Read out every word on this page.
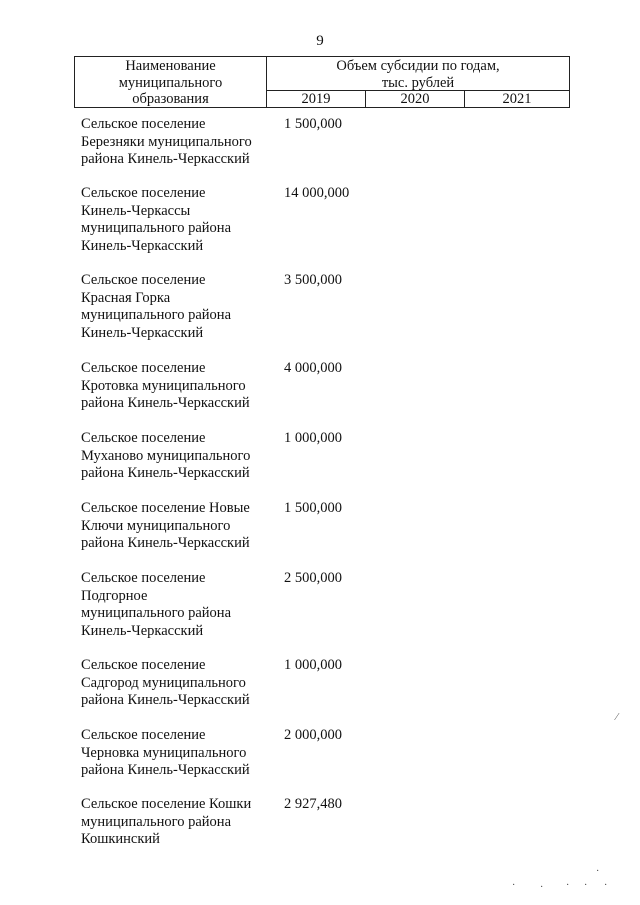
9
Наименование
муниципального
образования
Объем субсидии по годам,
тыс. рублей
2019	2020	2021
Сельское поселение
Березняки муниципального
района Кинель-Черкасский
1 500,000
Сельское поселение
Кинель-Черкассы
муниципального района
Кинель-Черкасский
14 000,000
Сельское поселение
Красная Горка
муниципального района
Кинель-Черкасский
3 500,000
Сельское поселение
Кротовка муниципального
района Кинель-Черкасский
4 000,000
Сельское поселение
Муханово муниципального
района Кинель-Черкасский
1 000,000
Сельское поселение Новые
Ключи муниципального
района Кинель-Черкасский
1 500,000
Сельское поселение
Подгорное
муниципального района
Кинель-Черкасский
2 500,000
Сельское поселение
Садгород муниципального
района Кинель-Черкасский
1 000,000
Сельское поселение
Черновка муниципального
района Кинель-Черкасский
2 000,000
Сельское поселение Кошки
муниципального района
Кошкинский
2 927,480
⁄
·
· · · · ·
